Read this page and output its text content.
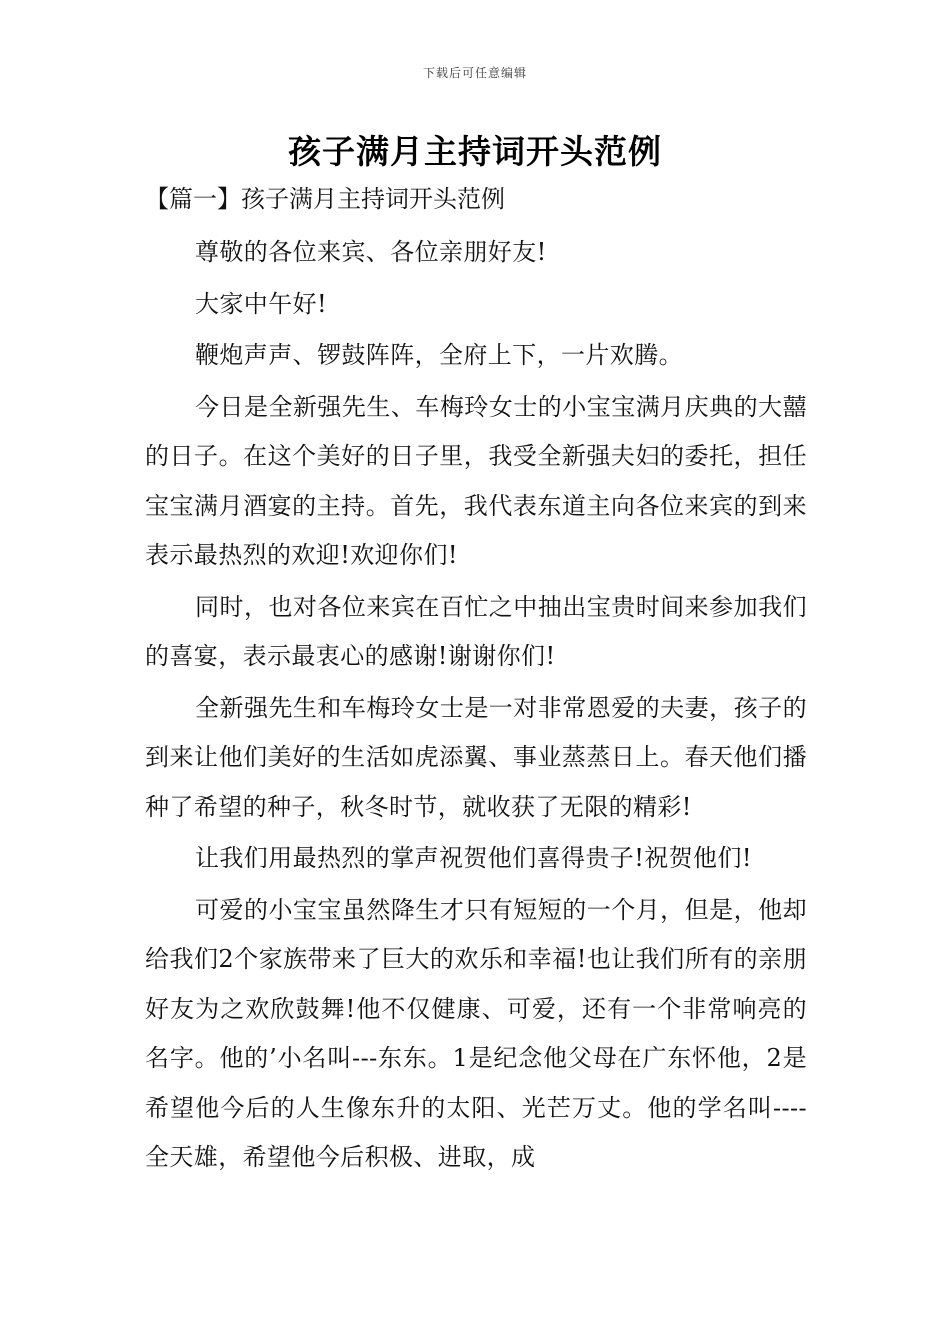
下载后可任意编辑
孩子满月主持词开头范例
【篇一】孩子满月主持词开头范例

尊敬的各位来宾、各位亲朋好友!

大家中午好!

鞭炮声声、锣鼓阵阵，全府上下，一片欢腾。

今日是全新强先生、车梅玲女士的小宝宝满月庆典的大囍的日子。在这个美好的日子里，我受全新强夫妇的委托，担任宝宝满月酒宴的主持。首先，我代表东道主向各位来宾的到来表示最热烈的欢迎!欢迎你们!

同时，也对各位来宾在百忙之中抽出宝贵时间来参加我们的喜宴，表示最衷心的感谢!谢谢你们!

全新强先生和车梅玲女士是一对非常恩爱的夫妻，孩子的到来让他们美好的生活如虎添翼、事业蒸蒸日上。春天他们播种了希望的种子，秋冬时节，就收获了无限的精彩!

让我们用最热烈的掌声祝贺他们喜得贵子!祝贺他们!

可爱的小宝宝虽然降生才只有短短的一个月，但是，他却给我们2个家族带来了巨大的欢乐和幸福!也让我们所有的亲朋好友为之欢欣鼓舞!他不仅健康、可爱，还有一个非常响亮的名字。他的’小名叫---东东。1是纪念他父母在广东怀他，2是希望他今后的人生像东升的太阳、光芒万丈。他的学名叫----全天雄，希望他今后积极、进取，成
